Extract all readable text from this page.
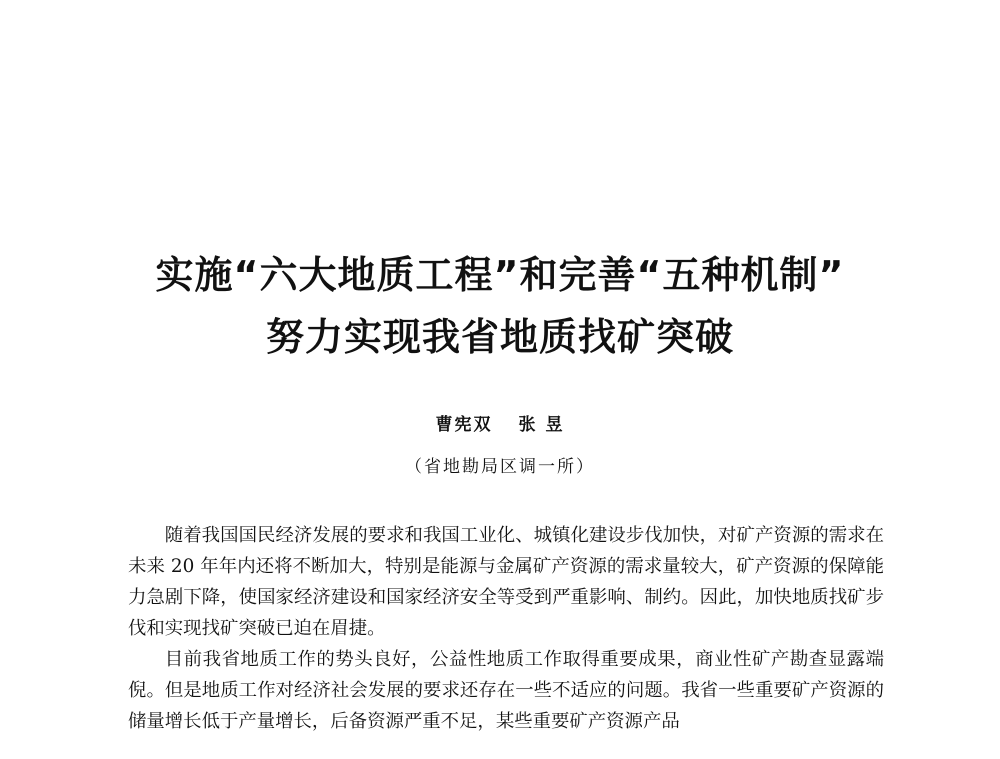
实施“六大地质工程”和完善“五种机制”
努力实现我省地质找矿突破
曹宪双 张 昱
（省地勘局区调一所）

随着我国国民经济发展的要求和我国工业化、城镇化建设步伐加快，对矿产资源的需求在未来 20 年年内还将不断加大，特别是能源与金属矿产资源的需求量较大，矿产资源的保障能力急剧下降，使国家经济建设和国家经济安全等受到严重影响、制约。因此，加快地质找矿步伐和实现找矿突破已迫在眉捷。

目前我省地质工作的势头良好，公益性地质工作取得重要成果，商业性矿产勘查显露端倪。但是地质工作对经济社会发展的要求还存在一些不适应的问题。我省一些重要矿产资源的储量增长低于产量增长，后备资源严重不足，某些重要矿产资源产品
